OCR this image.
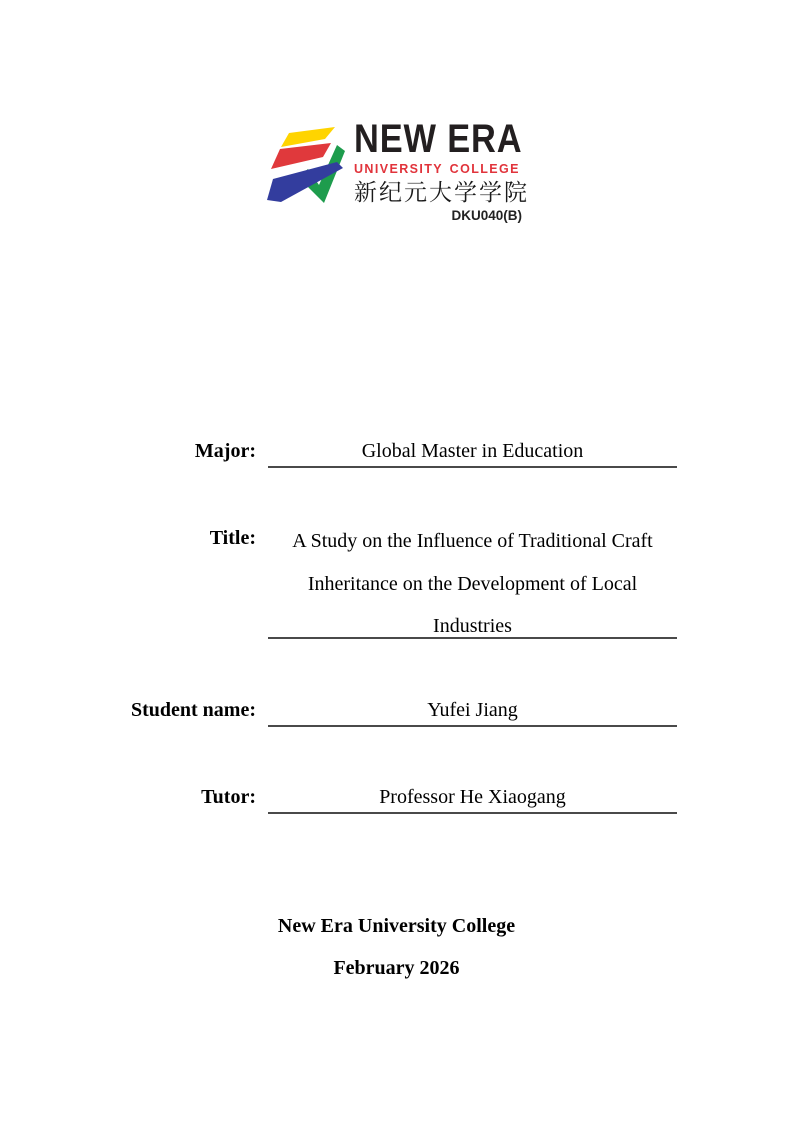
NEW ERA
UNIVERSITY COLLEGE
新纪元大学学院
DKU040(B)
Major:	Global Master in Education
Title:	A Study on the Influence of Traditional Craft
Inheritance on the Development of Local
Industries
Student name:	Yufei Jiang
Tutor:	Professor He Xiaogang
New Era University College
February 2026
